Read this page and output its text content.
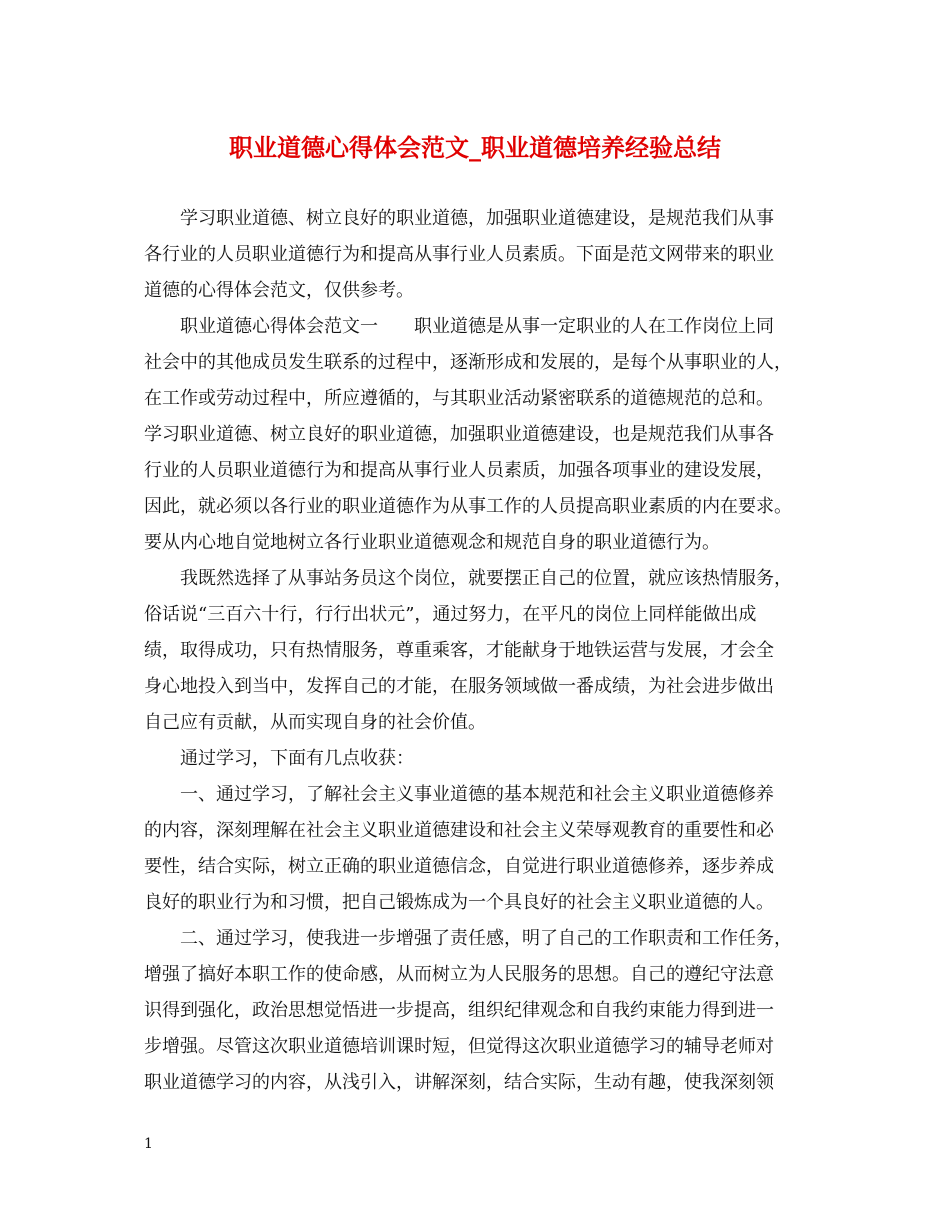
职业道德心得体会范文_职业道德培养经验总结

学习职业道德、树立良好的职业道德，加强职业道德建设，是规范我们从事

各行业的人员职业道德行为和提高从事行业人员素质。下面是范文网带来的职业

道德的心得体会范文，仅供参考。

职业道德心得体会范文一　　职业道德是从事一定职业的人在工作岗位上同

社会中的其他成员发生联系的过程中，逐渐形成和发展的，是每个从事职业的人，

在工作或劳动过程中，所应遵循的，与其职业活动紧密联系的道德规范的总和。

学习职业道德、树立良好的职业道德，加强职业道德建设，也是规范我们从事各

行业的人员职业道德行为和提高从事行业人员素质，加强各项事业的建设发展，

因此，就必须以各行业的职业道德作为从事工作的人员提高职业素质的内在要求。

要从内心地自觉地树立各行业职业道德观念和规范自身的职业道德行为。

我既然选择了从事站务员这个岗位，就要摆正自己的位置，就应该热情服务，

俗话说“三百六十行，行行出状元”，通过努力，在平凡的岗位上同样能做出成

绩，取得成功，只有热情服务，尊重乘客，才能献身于地铁运营与发展，才会全

身心地投入到当中，发挥自己的才能，在服务领域做一番成绩，为社会进步做出

自己应有贡献，从而实现自身的社会价值。

通过学习，下面有几点收获：

一、通过学习，了解社会主义事业道德的基本规范和社会主义职业道德修养

的内容，深刻理解在社会主义职业道德建设和社会主义荣辱观教育的重要性和必

要性，结合实际，树立正确的职业道德信念，自觉进行职业道德修养，逐步养成

良好的职业行为和习惯，把自己锻炼成为一个具良好的社会主义职业道德的人。

二、通过学习，使我进一步增强了责任感，明了自己的工作职责和工作任务，

增强了搞好本职工作的使命感，从而树立为人民服务的思想。自己的遵纪守法意

识得到强化，政治思想觉悟进一步提高，组织纪律观念和自我约束能力得到进一

步增强。尽管这次职业道德培训课时短，但觉得这次职业道德学习的辅导老师对

职业道德学习的内容，从浅引入，讲解深刻，结合实际，生动有趣，使我深刻领

1
